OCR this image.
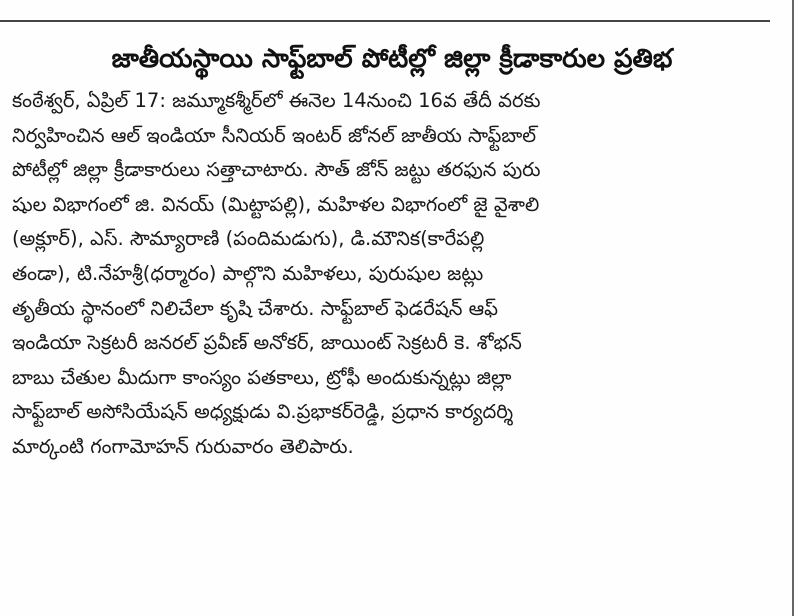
జాతీయస్థాయి సాఫ్ట్‌బాల్ పోటీల్లో జిల్లా క్రీడాకారుల ప్రతిభ
కంఠేశ్వర్, ఏప్రిల్ 17: జమ్మూకశ్మీర్‌లో ఈనెల 14నుంచి 16వ తేదీ వరకు
నిర్వహించిన ఆల్ ఇండియా సీనియర్ ఇంటర్ జోనల్ జాతీయ సాఫ్ట్‌బాల్
పోటీల్లో జిల్లా క్రీడాకారులు సత్తాచాటారు. సౌత్ జోన్ జట్టు తరఫున పురు
షుల విభాగంలో జి. వినయ్ (మిట్టాపల్లి), మహిళల విభాగంలో జై వైశాలి
(అక్లూర్), ఎస్. సౌమ్యారాణి (పందిమడుగు), డి.మౌనిక(కారేపల్లి
తండా), టి.నేహశ్రీ(ధర్మారం) పాల్గొని మహిళలు, పురుషుల జట్లు
తృతీయ స్థానంలో నిలిచేలా కృషి చేశారు. సాఫ్ట్‌బాల్ ఫెడరేషన్ ఆఫ్
ఇండియా సెక్రటరీ జనరల్ ప్రవీణ్ అనోకర్, జాయింట్ సెక్రటరీ కె. శోభన్
బాబు చేతుల మీదుగా కాంస్యం పతకాలు, ట్రోఫీ అందుకున్నట్లు జిల్లా
సాఫ్ట్‌బాల్ అసోసియేషన్ అధ్యక్షుడు వి.ప్రభాకర్‌రెడ్డి, ప్రధాన కార్యదర్శి
మార్కంటి గంగామోహన్ గురువారం తెలిపారు.
